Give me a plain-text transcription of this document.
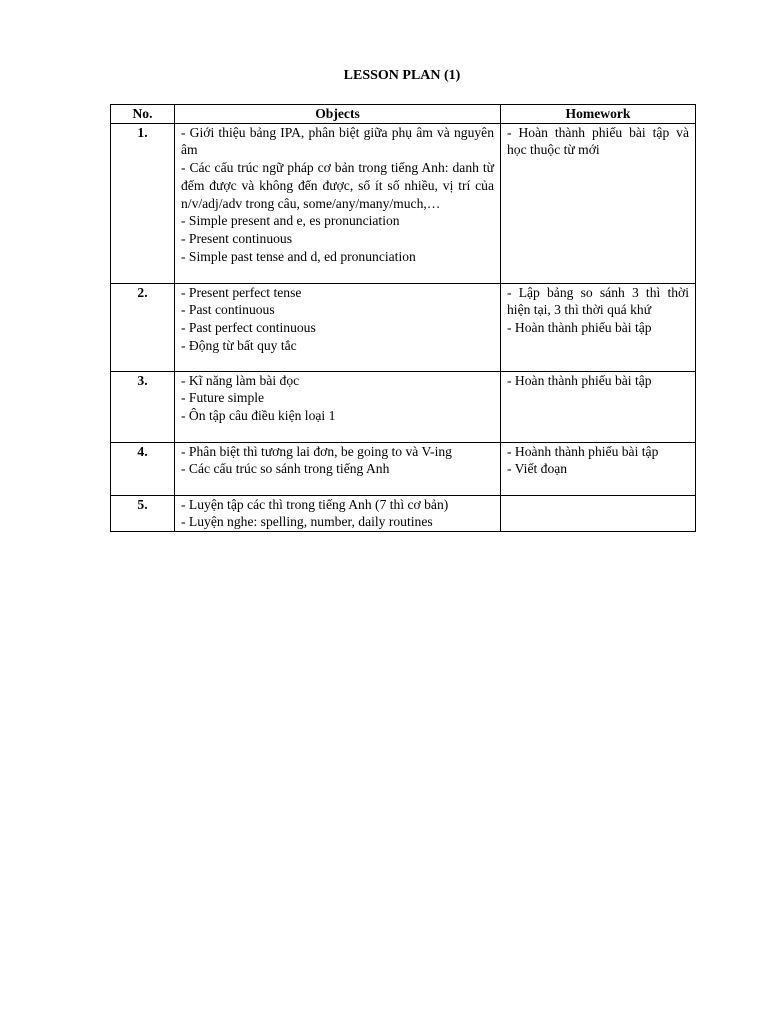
LESSON PLAN (1)
No.	Objects	Homework
1.	- Giới thiệu bảng IPA, phân biệt giữa phụ âm và nguyên âm
- Các cấu trúc ngữ pháp cơ bản trong tiếng Anh: danh từ đếm được và không đến được, số ít số nhiều, vị trí của n/v/adj/adv trong câu, some/any/many/much,…
- Simple present and e, es pronunciation
- Present continuous
- Simple past tense and d, ed pronunciation	- Hoàn thành phiếu bài tập và học thuộc từ mới

2.	- Present perfect tense
- Past continuous
- Past perfect continuous
- Động từ bất quy tắc	- Lập bảng so sánh 3 thì thời hiện tại, 3 thì thời quá khứ
- Hoàn thành phiếu bài tập

3.	- Kĩ năng làm bài đọc
- Future simple
- Ôn tập câu điều kiện loại 1	- Hoàn thành phiếu bài tập

4.	- Phân biệt thì tương lai đơn, be going to và V-ing
- Các cấu trúc so sánh trong tiếng Anh	- Hoành thành phiếu bài tập
- Viết đoạn

5.	- Luyện tập các thì trong tiếng Anh (7 thì cơ bản)
- Luyện nghe: spelling, number, daily routines	
